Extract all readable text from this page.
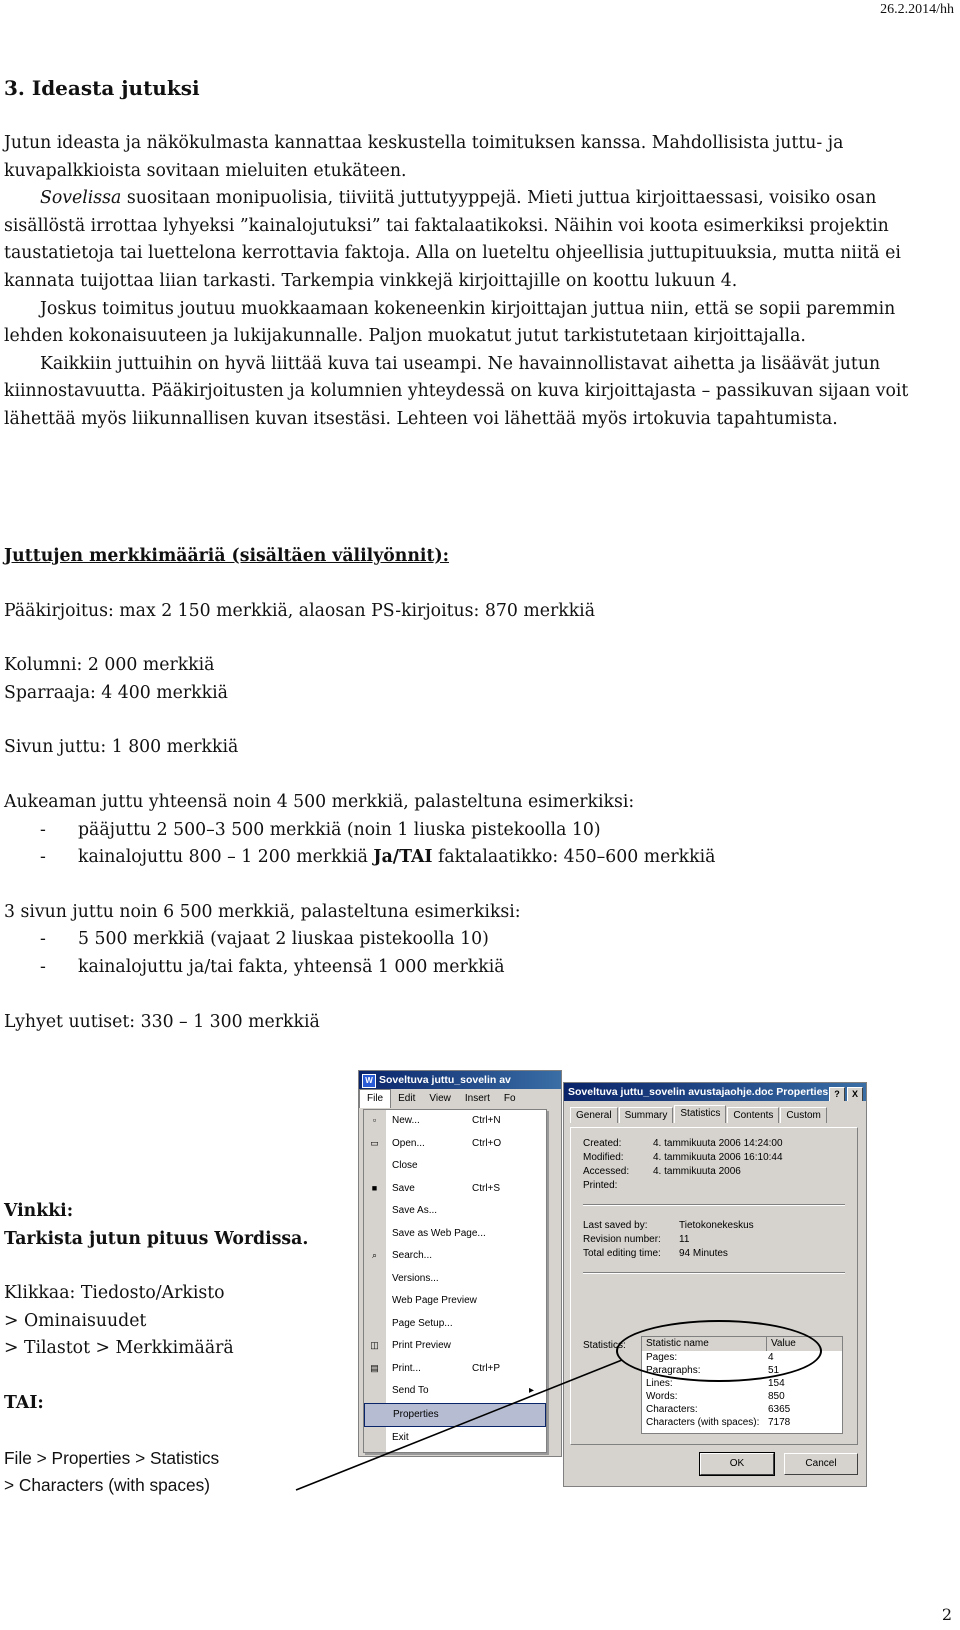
26.2.2014/hh
3. Ideasta jutuksi

Jutun ideasta ja näkökulmasta kannattaa keskustella toimituksen kanssa. Mahdollisista juttu- ja kuvapalkkioista sovitaan mieluiten etukäteen.

Sovelissa suositaan monipuolisia, tiiviitä juttutyyppejä. Mieti juttua kirjoittaessasi, voisiko osan sisällöstä irrottaa lyhyeksi ”kainalojutuksi” tai faktalaatikoksi. Näihin voi koota esimerkiksi projektin taustatietoja tai luettelona kerrottavia faktoja. Alla on lueteltu ohjeellisia juttupituuksia, mutta niitä ei kannata tuijottaa liian tarkasti. Tarkempia vinkkejä kirjoittajille on koottu lukuun 4.

Joskus toimitus joutuu muokkaamaan kokeneenkin kirjoittajan juttua niin, että se sopii paremmin lehden kokonaisuuteen ja lukijakunnalle. Paljon muokatut jutut tarkistutetaan kirjoittajalla.

Kaikkiin juttuihin on hyvä liittää kuva tai useampi. Ne havainnollistavat aihetta ja lisäävät jutun kiinnostavuutta. Pääkirjoitusten ja kolumnien yhteydessä on kuva kirjoittajasta – passikuvan sijaan voit lähettää myös liikunnallisen kuvan itsestäsi. Lehteen voi lähettää myös irtokuvia tapahtumista.

Juttujen merkkimääriä (sisältäen välilyönnit):

Pääkirjoitus: max 2 150 merkkiä, alaosan PS-kirjoitus: 870 merkkiä

Kolumni: 2 000 merkkiä

Sparraaja: 4 400 merkkiä

Sivun juttu: 1 800 merkkiä

Aukeaman juttu yhteensä noin 4 500 merkkiä, palasteltuna esimerkiksi:

- pääjuttu 2 500–3 500 merkkiä (noin 1 liuska pistekoolla 10)
- kainalojuttu 800 – 1 200 merkkiä Ja/TAI faktalaatikko: 450–600 merkkiä

3 sivun juttu noin 6 500 merkkiä, palasteltuna esimerkiksi:

- 5 500 merkkiä (vajaat 2 liuskaa pistekoolla 10)
- kainalojuttu ja/tai fakta, yhteensä 1 000 merkkiä

Lyhyet uutiset: 330 – 1 300 merkkiä

Vinkki:

Tarkista jutun pituus Wordissa.

Klikkaa: Tiedosto/Arkisto

> Ominaisuudet

> Tilastot > Merkkimäärä

TAI:

File > Properties > Statistics

> Characters (with spaces)

W Soveltuva juttu_sovelin av
File Edit View Insert Fo
▫	New...	Ctrl+N
▭ Open...	Ctrl+O
Close
■ Save	Ctrl+S
Save As...
Save as Web Page...
⌕ Search...
Versions...
Web Page Preview
Page Setup...
◫ Print Preview
▤ Print...	Ctrl+P
Send To	▸
Properties
Exit
Soveltuva juttu_sovelin avustajaohje.doc Properties ? X
General Summary Statistics Contents Custom
Created:	4. tammikuuta 2006 14:24:00
Modified:	4. tammikuuta 2006 16:10:44
Accessed: 4. tammikuuta 2006
Printed:
Last saved by:	Tietokonekeskus
Revision number: 11
Total editing time: 94 Minutes
Statistics:	Statistic name	Value
Pages:	4
Paragraphs:	51
Lines:	154
Words:	850
Characters:	6365
Characters (with spaces): 7178
OK	Cancel
2
